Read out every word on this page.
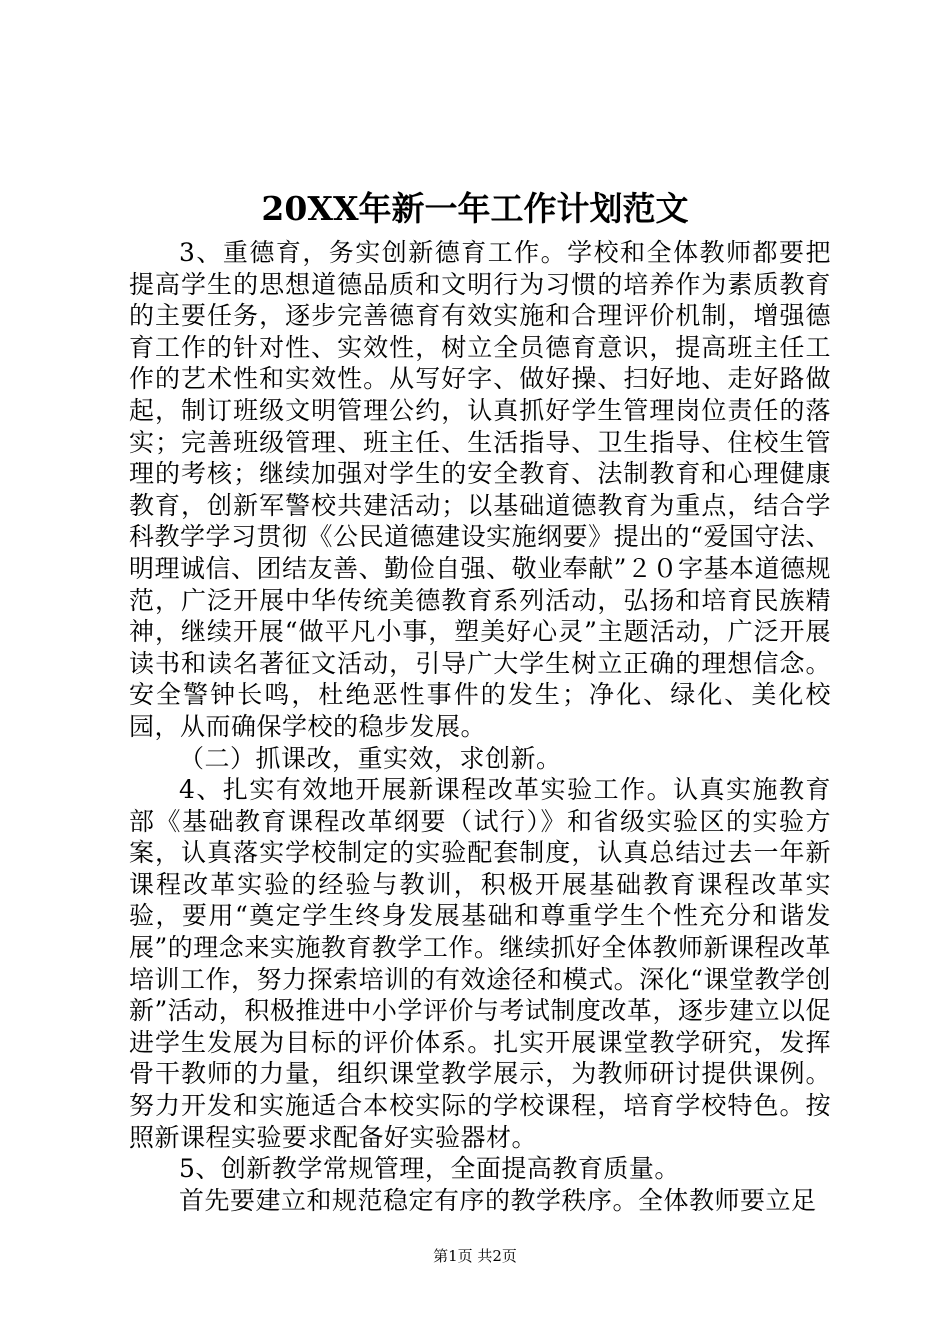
20XX年新一年工作计划范文

3、重德育，务实创新德育工作。学校和全体教师都要把提高学生的思想道德品质和文明行为习惯的培养作为素质教育的主要任务，逐步完善德育有效实施和合理评价机制，增强德育工作的针对性、实效性，树立全员德育意识，提高班主任工作的艺术性和实效性。从写好字、做好操、扫好地、走好路做起，制订班级文明管理公约，认真抓好学生管理岗位责任的落实；完善班级管理、班主任、生活指导、卫生指导、住校生管理的考核；继续加强对学生的安全教育、法制教育和心理健康教育，创新军警校共建活动；以基础道德教育为重点，结合学科教学学习贯彻《公民道德建设实施纲要》提出的“爱国守法、明理诚信、团结友善、勤俭自强、敬业奉献”２０字基本道德规范，广泛开展中华传统美德教育系列活动，弘扬和培育民族精神，继续开展“做平凡小事，塑美好心灵”主题活动，广泛开展读书和读名著征文活动，引导广大学生树立正确的理想信念。安全警钟长鸣，杜绝恶性事件的发生；净化、绿化、美化校园，从而确保学校的稳步发展。

（二）抓课改，重实效，求创新。

4、扎实有效地开展新课程改革实验工作。认真实施教育部《基础教育课程改革纲要（试行）》和省级实验区的实验方案，认真落实学校制定的实验配套制度，认真总结过去一年新课程改革实验的经验与教训，积极开展基础教育课程改革实验，要用“奠定学生终身发展基础和尊重学生个性充分和谐发展”的理念来实施教育教学工作。继续抓好全体教师新课程改革培训工作，努力探索培训的有效途径和模式。深化“课堂教学创新”活动，积极推进中小学评价与考试制度改革，逐步建立以促进学生发展为目标的评价体系。扎实开展课堂教学研究，发挥骨干教师的力量，组织课堂教学展示，为教师研讨提供课例。努力开发和实施适合本校实际的学校课程，培育学校特色。按照新课程实验要求配备好实验器材。

5、创新教学常规管理，全面提高教育质量。

首先要建立和规范稳定有序的教学秩序。全体教师要立足

第1页 共2页
